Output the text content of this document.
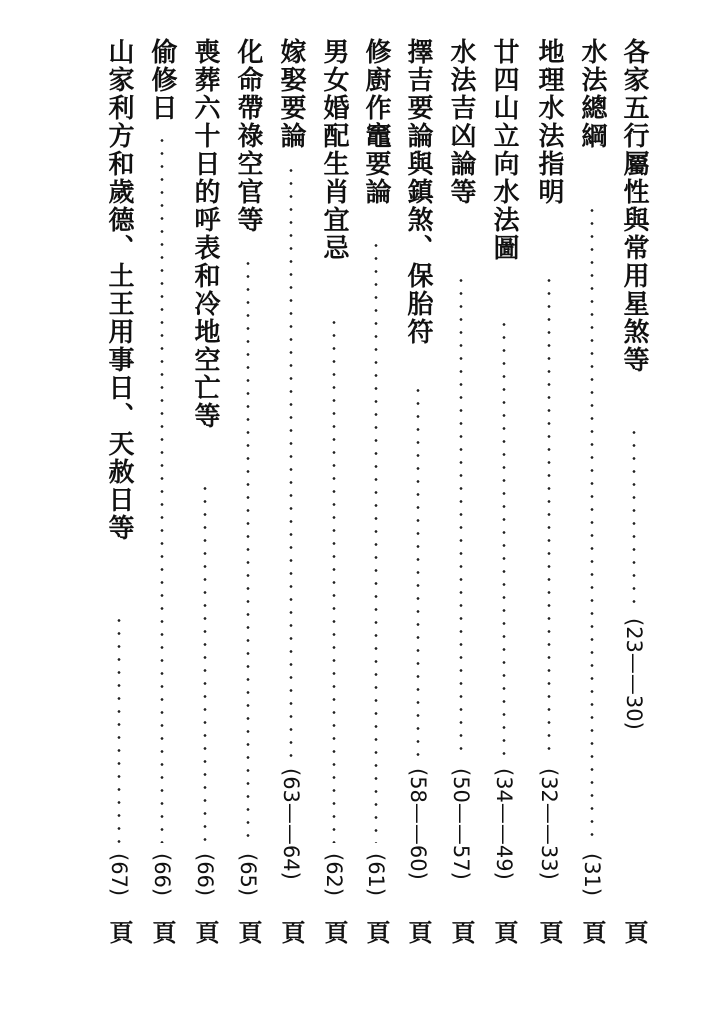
各家五行屬性與常用星煞等
(23——30)
頁
水法總綱
(31)
頁
地理水法指明
(32——33)
頁
廿四山立向水法圖
(34——49)
頁
水法吉凶論等
(50——57)
頁
擇吉要論與鎮煞、保胎符
(58——60)
頁
修廚作竈要論
(61)
頁
男女婚配生肖宜忌
(62)
頁
嫁娶要論
(63——64)
頁
化命帶祿空官等
(65)
頁
喪葬六十日的呼表和冷地空亡等
(66)
頁
偷修日
(66)
頁
山家利方和歲德、土王用事日、天赦日等
(67)
頁
